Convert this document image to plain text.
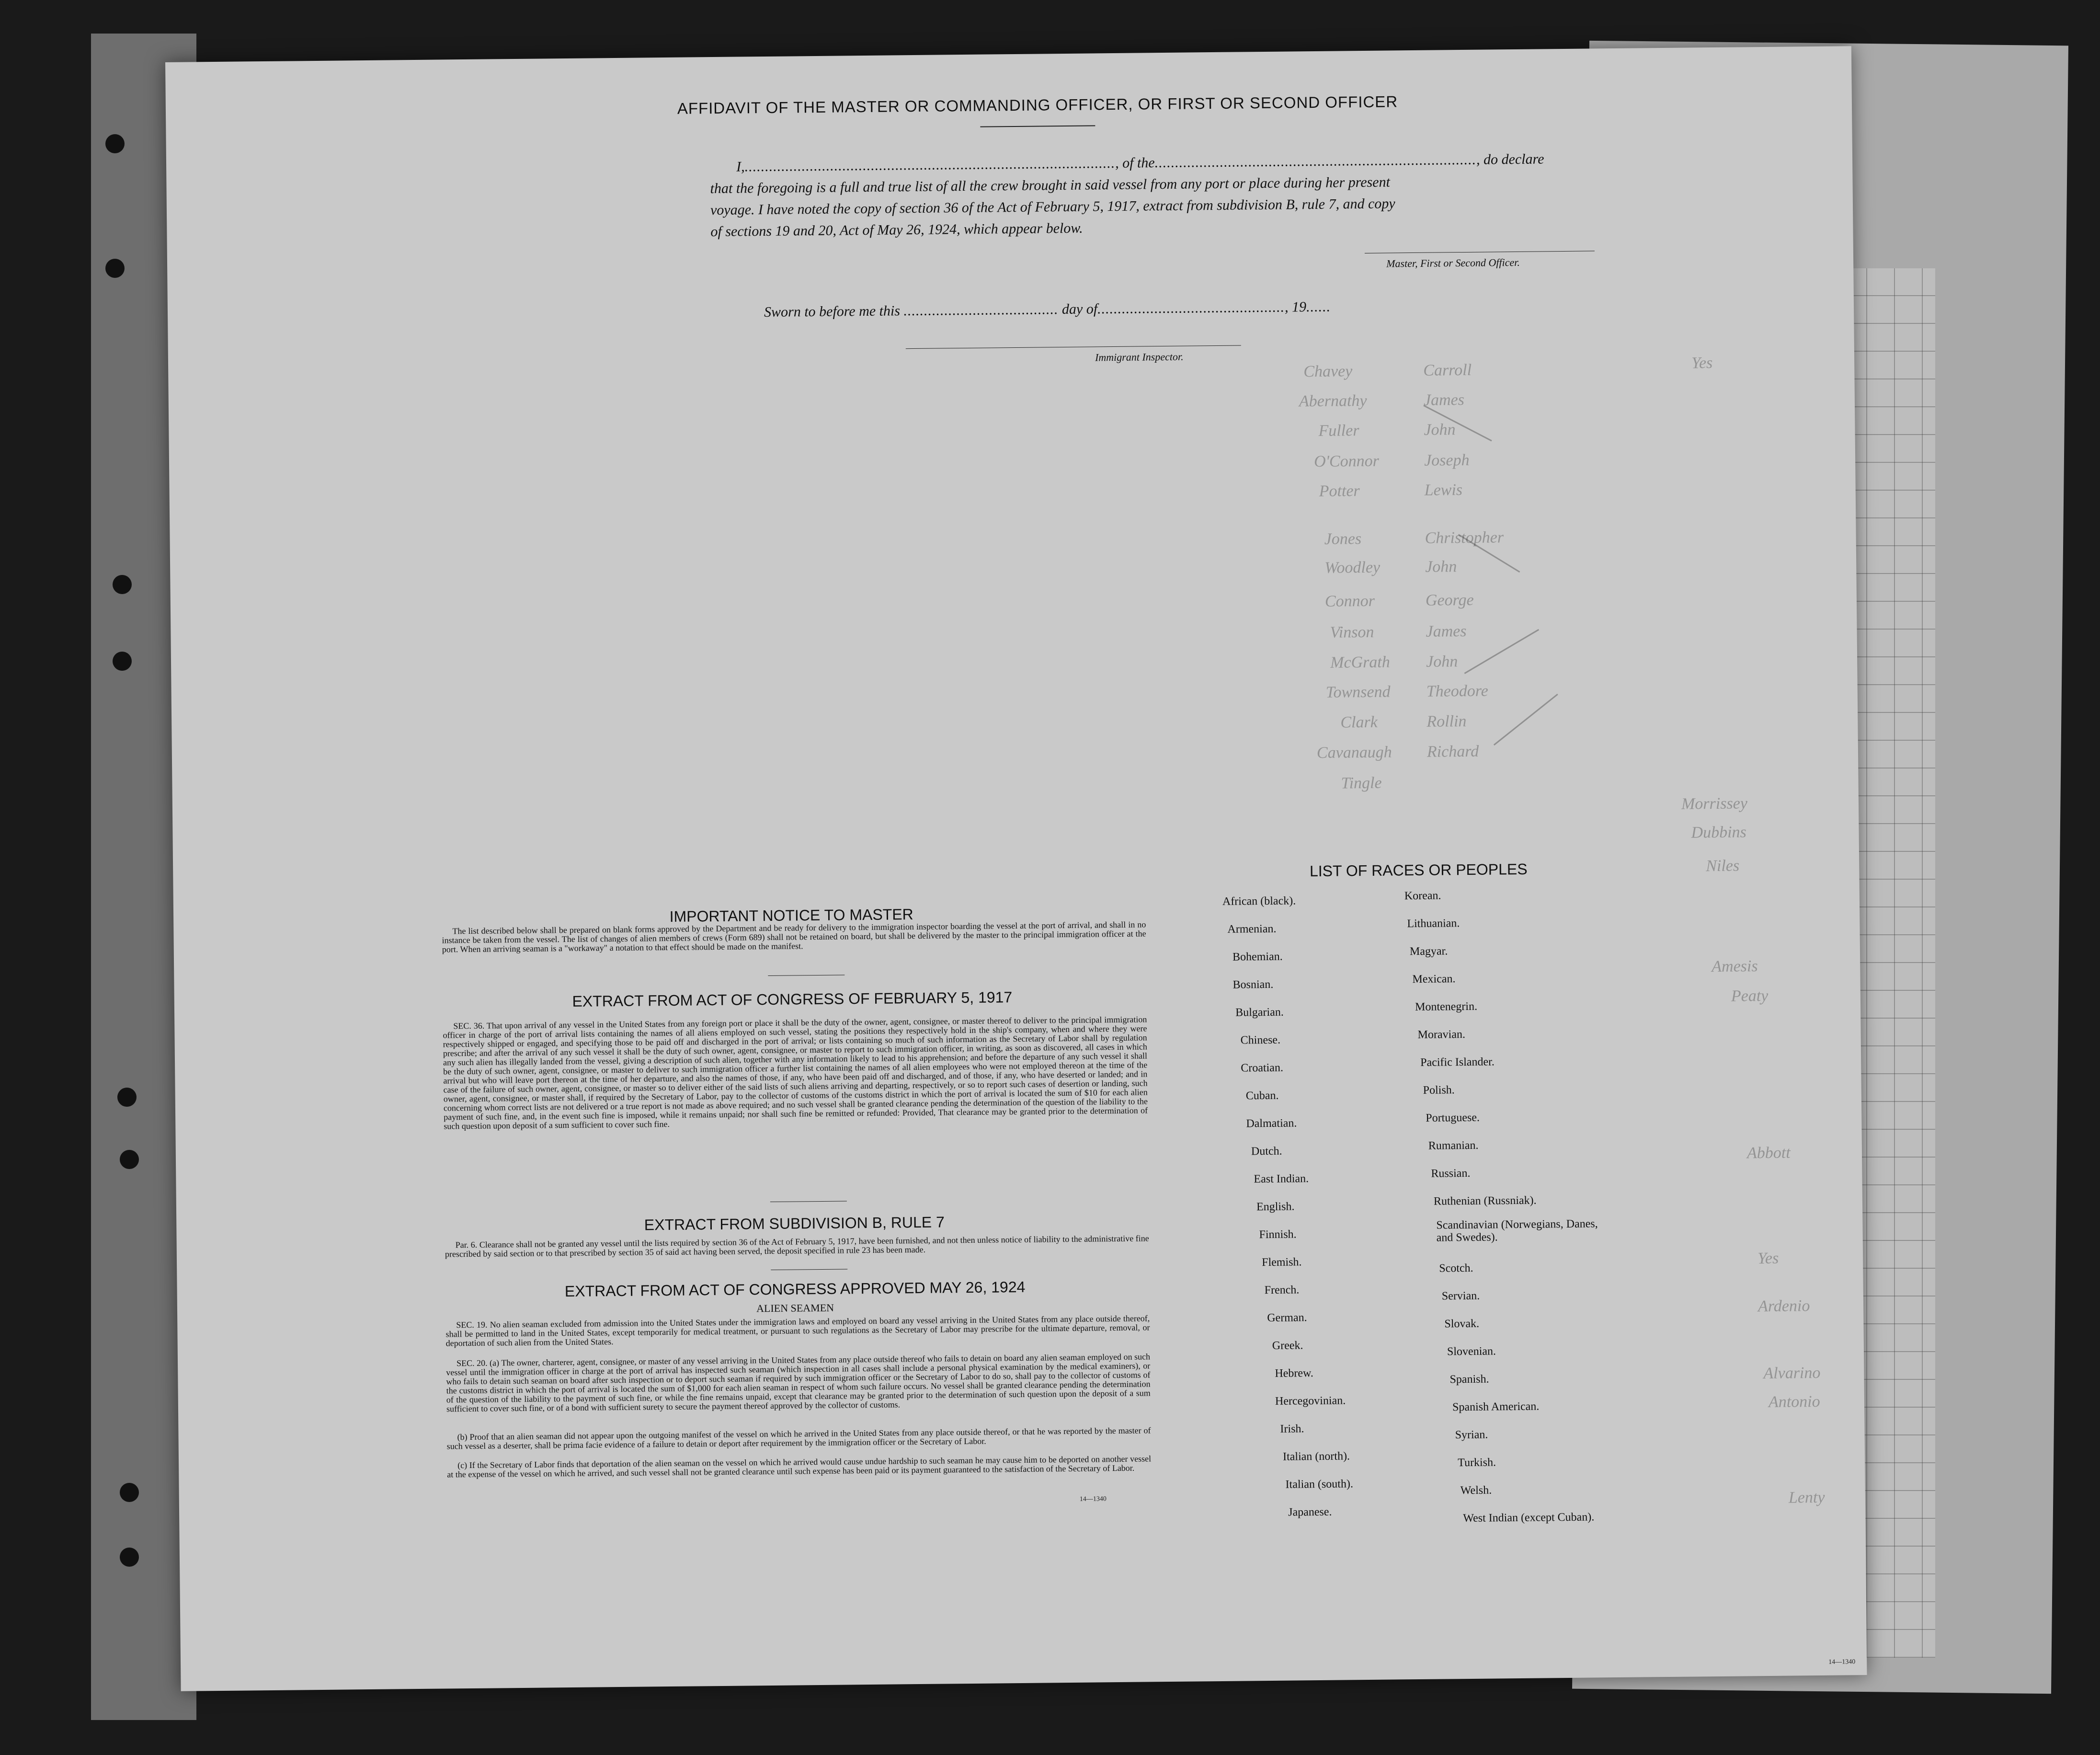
Chavey	Carroll
Abernathy	James
Fuller	John
O'Connor	Joseph
Potter	Lewis
Jones	Christopher
Woodley	John
Connor	George
Vinson	James
McGrath John
Townsend Theodore
Clark	Rollin
Cavanaugh Richard
Tingle
Morrissey
Dubbins
Niles
Amesis
Peaty
Abbott
Ardenio
Alvarino
Antonio
Lenty
Yes
Yes
AFFIDAVIT OF THE MASTER OR COMMANDING OFFICER, OR FIRST OR SECOND OFFICER
I,..........................................................................................., of the..............................................................................., do declare
that the foregoing is a full and true list of all the crew brought in said vessel from any port or place during her present
voyage. I have noted the copy of section 36 of the Act of February 5, 1917, extract from subdivision B, rule 7, and copy
of sections 19 and 20, Act of May 26, 1924, which appear below.
Master, First or Second Officer.
Sworn to before me this ...................................... day of.............................................., 19......
Immigrant Inspector.
IMPORTANT NOTICE TO MASTER
The list described below shall be prepared on blank forms approved by the Department and be ready for delivery to the immigration inspector boarding the vessel at the port of arrival, and shall in no instance be taken from the vessel. The list of changes of alien members of crews (Form 689) shall not be retained on board, but shall be delivered by the master to the principal immigration officer at the port. When an arriving seaman is a "workaway" a notation to that effect should be made on the manifest.
EXTRACT FROM ACT OF CONGRESS OF FEBRUARY 5, 1917
SEC. 36. That upon arrival of any vessel in the United States from any foreign port or place it shall be the duty of the owner, agent, consignee, or master thereof to deliver to the principal immigration officer in charge of the port of arrival lists containing the names of all aliens employed on such vessel, stating the positions they respectively hold in the ship's company, when and where they were respectively shipped or engaged, and specifying those to be paid off and discharged in the port of arrival; or lists containing so much of such information as the Secretary of Labor shall by regulation prescribe; and after the arrival of any such vessel it shall be the duty of such owner, agent, consignee, or master to report to such immigration officer, in writing, as soon as discovered, all cases in which any such alien has illegally landed from the vessel, giving a description of such alien, together with any information likely to lead to his apprehension; and before the departure of any such vessel it shall be the duty of such owner, agent, consignee, or master to deliver to such immigration officer a further list containing the names of all alien employees who were not employed thereon at the time of the arrival but who will leave port thereon at the time of her departure, and also the names of those, if any, who have been paid off and discharged, and of those, if any, who have deserted or landed; and in case of the failure of such owner, agent, consignee, or master so to deliver either of the said lists of such aliens arriving and departing, respectively, or so to report such cases of desertion or landing, such owner, agent, consignee, or master shall, if required by the Secretary of Labor, pay to the collector of customs of the customs district in which the port of arrival is located the sum of $10 for each alien concerning whom correct lists are not delivered or a true report is not made as above required; and no such vessel shall be granted clearance pending the determination of the question of the liability to the payment of such fine, and, in the event such fine is imposed, while it remains unpaid; nor shall such fine be remitted or refunded: Provided, That clearance may be granted prior to the determination of such question upon deposit of a sum sufficient to cover such fine.
EXTRACT FROM SUBDIVISION B, RULE 7
Par. 6. Clearance shall not be granted any vessel until the lists required by section 36 of the Act of February 5, 1917, have been furnished, and not then unless notice of liability to the administrative fine prescribed by said section or to that prescribed by section 35 of said act having been served, the deposit specified in rule 23 has been made.
EXTRACT FROM ACT OF CONGRESS APPROVED MAY 26, 1924
ALIEN SEAMEN
SEC. 19. No alien seaman excluded from admission into the United States under the immigration laws and employed on board any vessel arriving in the United States from any place outside thereof, shall be permitted to land in the United States, except temporarily for medical treatment, or pursuant to such regulations as the Secretary of Labor may prescribe for the ultimate departure, removal, or deportation of such alien from the United States.
SEC. 20. (a) The owner, charterer, agent, consignee, or master of any vessel arriving in the United States from any place outside thereof who fails to detain on board any alien seaman employed on such vessel until the immigration officer in charge at the port of arrival has inspected such seaman (which inspection in all cases shall include a personal physical examination by the medical examiners), or who fails to detain such seaman on board after such inspection or to deport such seaman if required by such immigration officer or the Secretary of Labor to do so, shall pay to the collector of customs of the customs district in which the port of arrival is located the sum of $1,000 for each alien seaman in respect of whom such failure occurs. No vessel shall be granted clearance pending the determination of the question of the liability to the payment of such fine, or while the fine remains unpaid, except that clearance may be granted prior to the determination of such question upon the deposit of a sum sufficient to cover such fine, or of a bond with sufficient surety to secure the payment thereof approved by the collector of customs.
(b) Proof that an alien seaman did not appear upon the outgoing manifest of the vessel on which he arrived in the United States from any place outside thereof, or that he was reported by the master of such vessel as a deserter, shall be prima facie evidence of a failure to detain or deport after requirement by the immigration officer or the Secretary of Labor.
(c) If the Secretary of Labor finds that deportation of the alien seaman on the vessel on which he arrived would cause undue hardship to such seaman he may cause him to be deported on another vessel at the expense of the vessel on which he arrived, and such vessel shall not be granted clearance until such expense has been paid or its payment guaranteed to the satisfaction of the Secretary of Labor.
14—1340
LIST OF RACES OR PEOPLES
African (black).
Armenian.
Bohemian.
Bosnian.
Bulgarian.
Chinese.
Croatian.
Cuban.
Dalmatian.
Dutch.
East Indian.
English.
Finnish.
Flemish.
French.
German.
Greek.
Hebrew.
Hercegovinian.
Irish.
Italian (north).
Italian (south).
Japanese.
Korean.
Lithuanian.
Magyar.
Mexican.
Montenegrin.
Moravian.
Pacific Islander.
Polish.
Portuguese.
Rumanian.
Russian.
Ruthenian (Russniak).
Scandinavian (Norwegians, Danes, and Swedes).
Scotch.
Servian.
Slovak.
Slovenian.
Spanish.
Spanish American.
Syrian.
Turkish.
Welsh.
West Indian (except Cuban).
14—1340
